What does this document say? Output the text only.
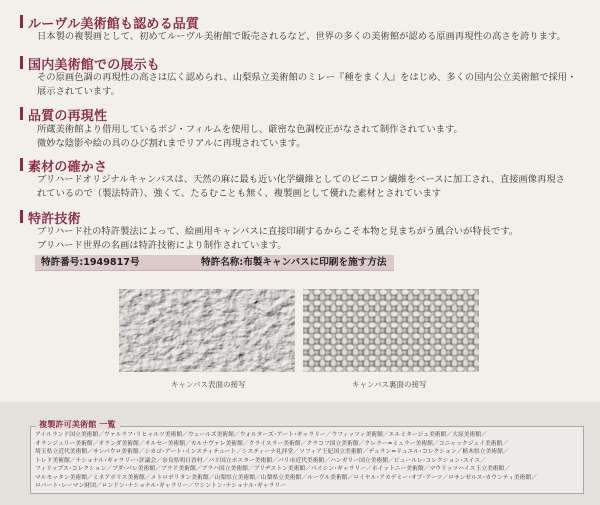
ルーヴル美術館も認める品質
日本製の複製画として、初めてルーヴル美術館で販売されるなど、世界の多くの美術館が認める原画再現性の高さを誇ります。
国内美術館での展示も
その原画色調の再現性の高さは広く認められ、山梨県立美術館のミレー『種をまく人』をはじめ、多くの国内公立美術館で採用・
展示されています。
品質の再現性
所蔵美術館より借用しているポジ・フィルムを使用し、厳密な色調校正がなされて制作されています。
微妙な陰影や絵の具のひび割れまでリアルに再現されています。
素材の確かさ
ブリハードオリジナルキャンバスは、天然の麻に最も近い化学繊維としてのビニロン繊維をベースに加工され、直接画像再現さ
れているので（製法特許）、強くて、たるむことも無く、複製画として優れた素材とされています
特許技術
ブリハード社の特許製法によって、絵画用キャンバスに直接印刷するからこそ本物と見まちがう風合いが特長です。
ブリハード世界の名画は特許技術により制作されています。
特許番号:1949817号	特許名称:布製キャンバスに印刷を施す方法
キャンバス表面の接写	キャンバス裏面の接写
複製許可美術館 一覧
アイルランド国立美術館／ヴァルラフ･リヒャルツ美術館／ウェールズ美術館／ウォルターズ･アート･ギャラリー／ウフィッツィ美術館／エルミタージュ美術館／大原美術館／
オランジュリー美術館／オランダ美術館／オルセー美術館／カルナヴァレ美術館／クライスラー美術館／クラコフ国立美術館／クレラー=ミュラー美術館／コニャックジェイ美術館／
埼玉県立近代美術館／サンパウロ美術館／シカゴ･アート･インスティテュート／システィーナ礼拝堂／ソフィア王妃国立美術館／デュラン=リュエル･コレクション／栃木県立美術館／
トレド美術館／ナショナル･ギャラリー･評議会／奈良県明日香村／パリ国立ポスター美術館／パリ市近代美術館／ハンガリー国立美術館／ビュールレ･コレクション･スイス／
フィリップス･コレクション／ブダ･パレ美術館／ブラド美術館／ブラハ国立美術館／ブリヂストン美術館／ベイシン･ギャラリー／ホイットニー美術館／マウリッツハイス王立美術館／
マルモッタン美術館／ミネアポリス美術館／メトロポリタン美術館／山梨県立美術館／山梨県立美術館／ルーヴル美術館／ロイヤル･アカデミー･オブ･アーツ／ロサンゼルス･カウンティ美術館／
ロバート･レーマン財団／ロンドン･ナショナル･ギャラリー／ワシントン･ナショナル･ギャラリー
